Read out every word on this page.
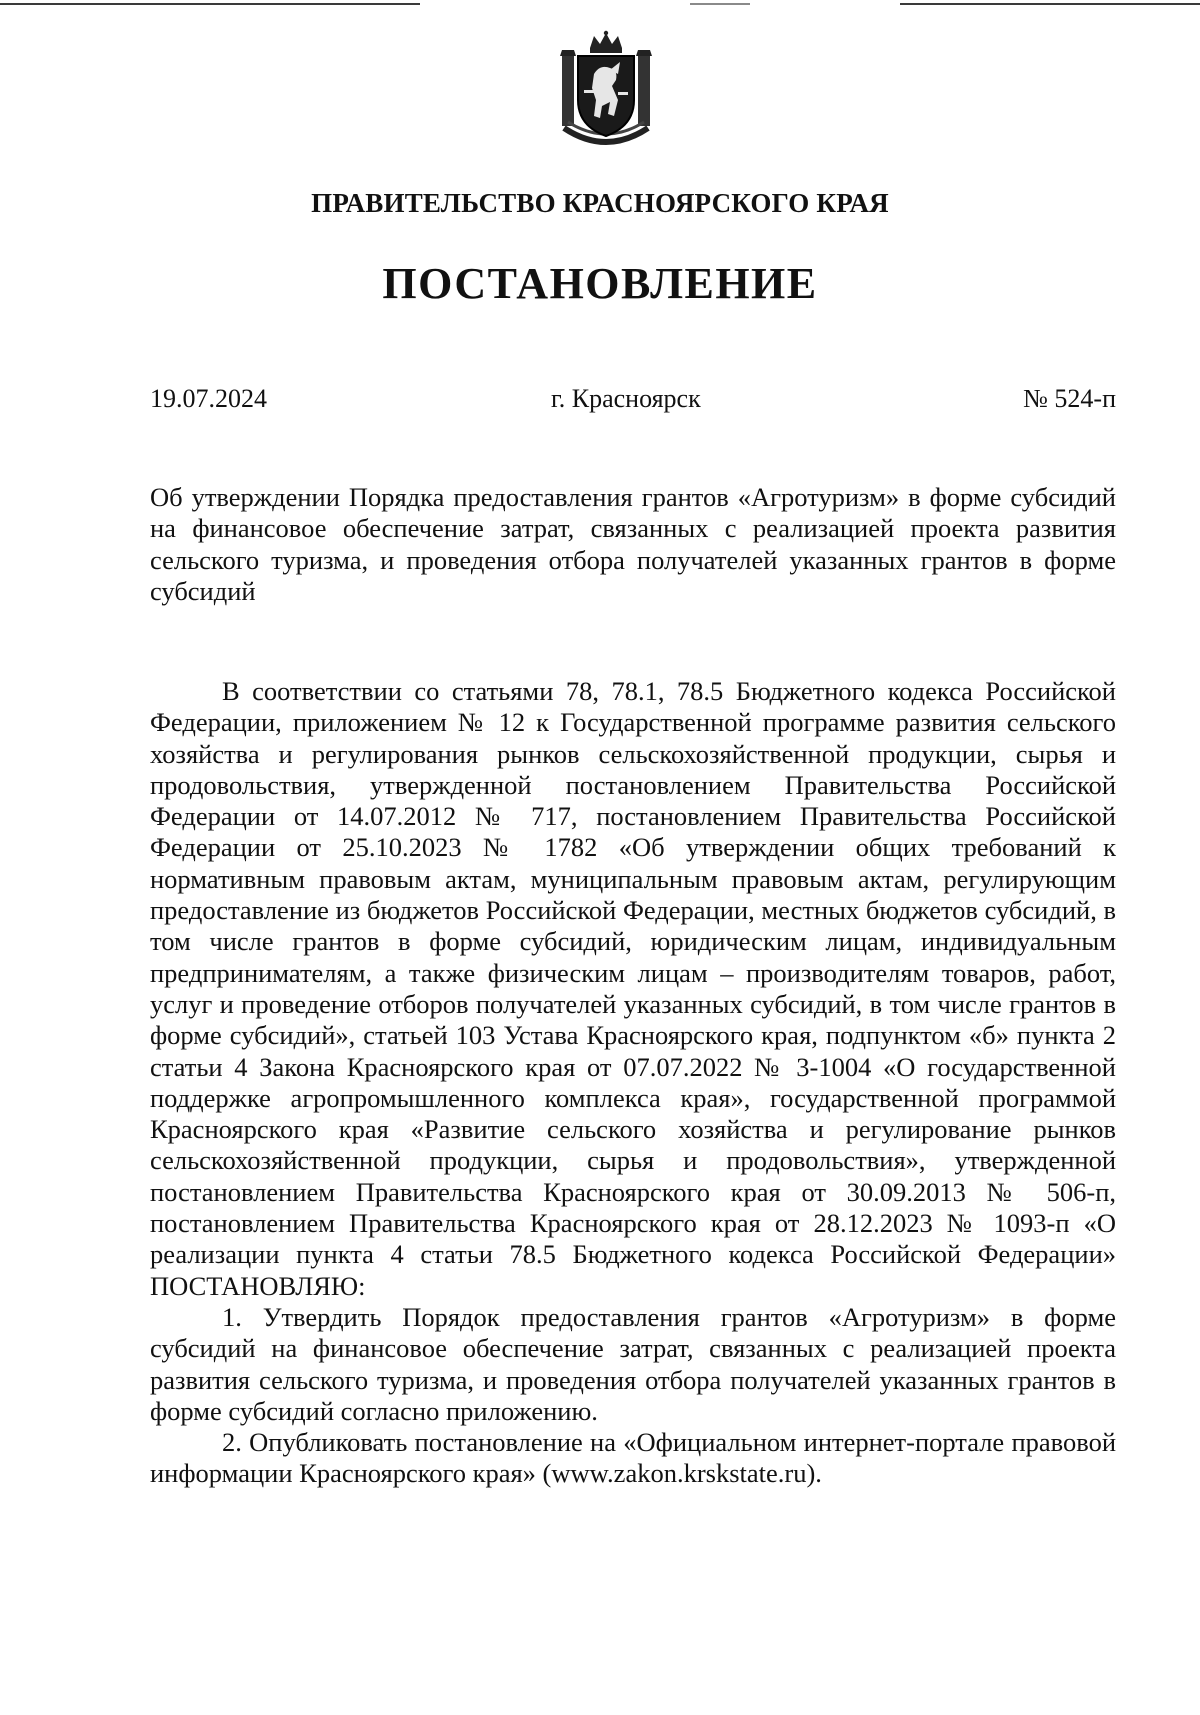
ПРАВИТЕЛЬСТВО КРАСНОЯРСКОГО КРАЯ
ПОСТАНОВЛЕНИЕ
19.07.2024	г. Красноярск	№ 524-п
Об утверждении Порядка предоставления грантов «Агротуризм» в форме субсидий на финансовое обеспечение затрат, связанных с реализацией проекта развития сельского туризма, и проведения отбора получателей указанных грантов в форме субсидий

В соответствии со статьями 78, 78.1, 78.5 Бюджетного кодекса Российской Федерации, приложением № 12 к Государственной программе развития сельского хозяйства и регулирования рынков сельскохозяйственной продукции, сырья и продовольствия, утвержденной постановлением Правительства Российской Федерации от 14.07.2012 № 717, постановлением Правительства Российской Федерации от 25.10.2023 № 1782 «Об утверждении общих требований к нормативным правовым актам, муниципальным правовым актам, регулирующим предоставление из бюджетов Российской Федерации, местных бюджетов субсидий, в том числе грантов в форме субсидий, юридическим лицам, индивидуальным предпринимателям, а также физическим лицам – производителям товаров, работ, услуг и проведение отборов получателей указанных субсидий, в том числе грантов в форме субсидий», статьей 103 Устава Красноярского края, подпунктом «б» пункта 2 статьи 4 Закона Красноярского края от 07.07.2022 № 3-1004 «О государственной поддержке агропромышленного комплекса края», государственной программой Красноярского края «Развитие сельского хозяйства и регулирование рынков сельскохозяйственной продукции, сырья и продовольствия», утвержденной постановлением Правительства Красноярского края от 30.09.2013 № 506-п, постановлением Правительства Красноярского края от 28.12.2023 № 1093-п «О реализации пункта 4 статьи 78.5 Бюджетного кодекса Российской Федерации» ПОСТАНОВЛЯЮ:

1. Утвердить Порядок предоставления грантов «Агротуризм» в форме субсидий на финансовое обеспечение затрат, связанных с реализацией проекта развития сельского туризма, и проведения отбора получателей указанных грантов в форме субсидий согласно приложению.

2. Опубликовать постановление на «Официальном интернет-портале правовой информации Красноярского края» (www.zakon.krskstate.ru).
